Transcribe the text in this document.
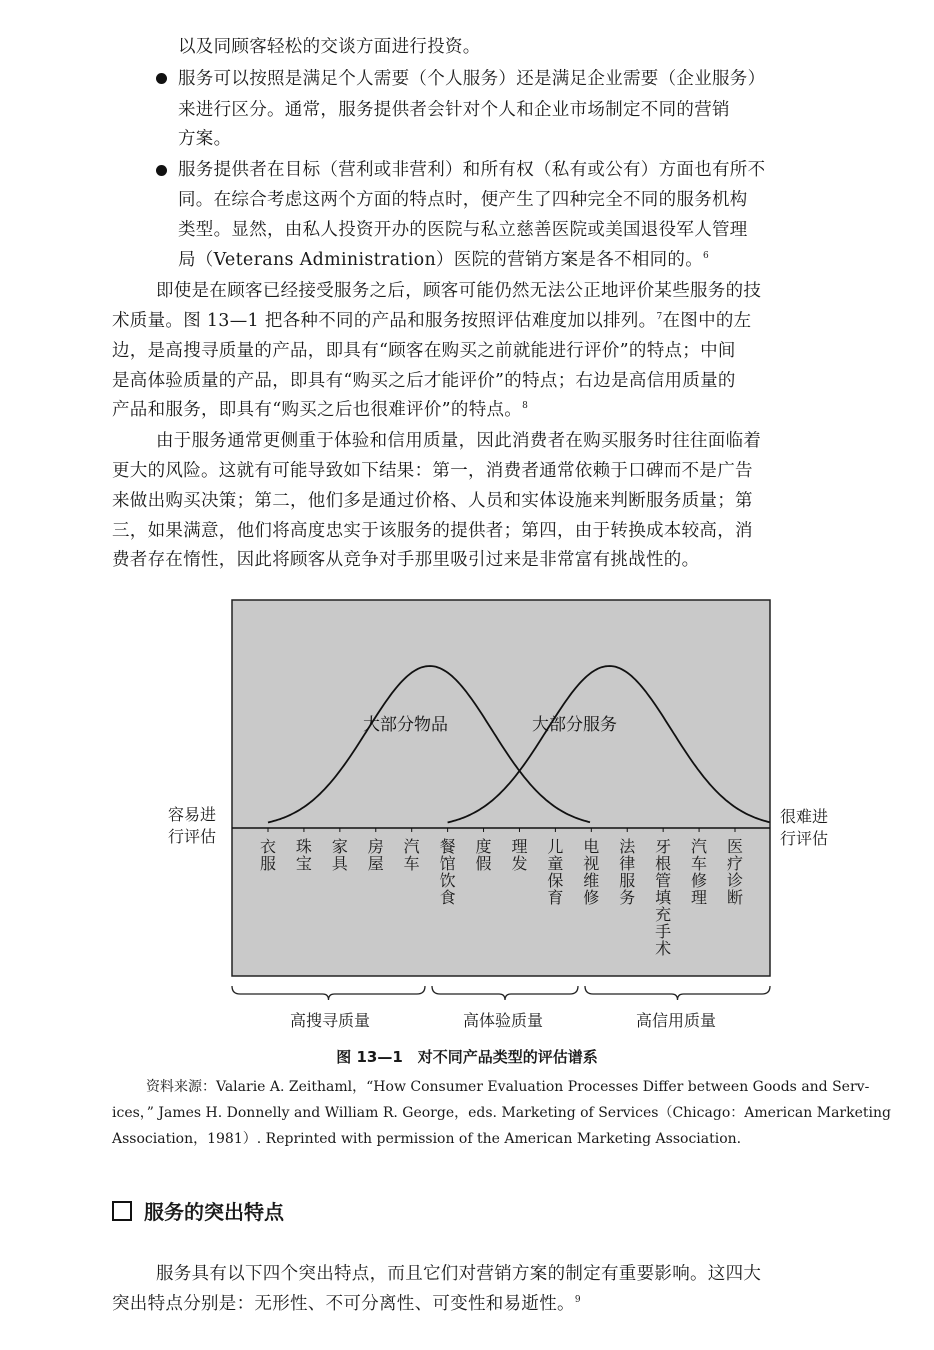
以及同顾客轻松的交谈方面进行投资。
服务可以按照是满足个人需要（个人服务）还是满足企业需要（企业服务）
来进行区分。通常，服务提供者会针对个人和企业市场制定不同的营销
方案。
服务提供者在目标（营利或非营利）和所有权（私有或公有）方面也有所不
同。在综合考虑这两个方面的特点时，便产生了四种完全不同的服务机构
类型。显然，由私人投资开办的医院与私立慈善医院或美国退役军人管理
局（Veterans Administration）医院的营销方案是各不相同的。$^6$
即使是在顾客已经接受服务之后，顾客可能仍然无法公正地评价某些服务的技
术质量。图 13—1 把各种不同的产品和服务按照评估难度加以排列。$^7$在图中的左
边，是高搜寻质量的产品，即具有“顾客在购买之前就能进行评价”的特点；中间
是高体验质量的产品，即具有“购买之后才能评价”的特点；右边是高信用质量的
产品和服务，即具有“购买之后也很难评价”的特点。$^8$
由于服务通常更侧重于体验和信用质量，因此消费者在购买服务时往往面临着
更大的风险。这就有可能导致如下结果：第一，消费者通常依赖于口碑而不是广告
来做出购买决策；第二，他们多是通过价格、人员和实体设施来判断服务质量；第
三，如果满意，他们将高度忠实于该服务的提供者；第四，由于转换成本较高，消
费者存在惰性，因此将顾客从竞争对手那里吸引过来是非常富有挑战性的。
大部分物品	大部分服务
容易进行评估
很难进行评估
衣服
珠宝
家具
房屋
汽车
餐馆饮食
度假
理发
儿童保育
电视维修
法律服务
牙根管填充手术
汽车修理
医疗诊断
高搜寻质量	高体验质量	高信用质量
图 13—1　对不同产品类型的评估谱系
资料来源：Valarie A. Zeithaml，“How Consumer Evaluation Processes Differ between Goods and Serv-
ices，” James H. Donnelly and William R. George，eds. Marketing of Services（Chicago：American Marketing
Association，1981）. Reprinted with permission of the American Marketing Association.
服务的突出特点
服务具有以下四个突出特点，而且它们对营销方案的制定有重要影响。这四大
突出特点分别是：无形性、不可分离性、可变性和易逝性。$^9$
